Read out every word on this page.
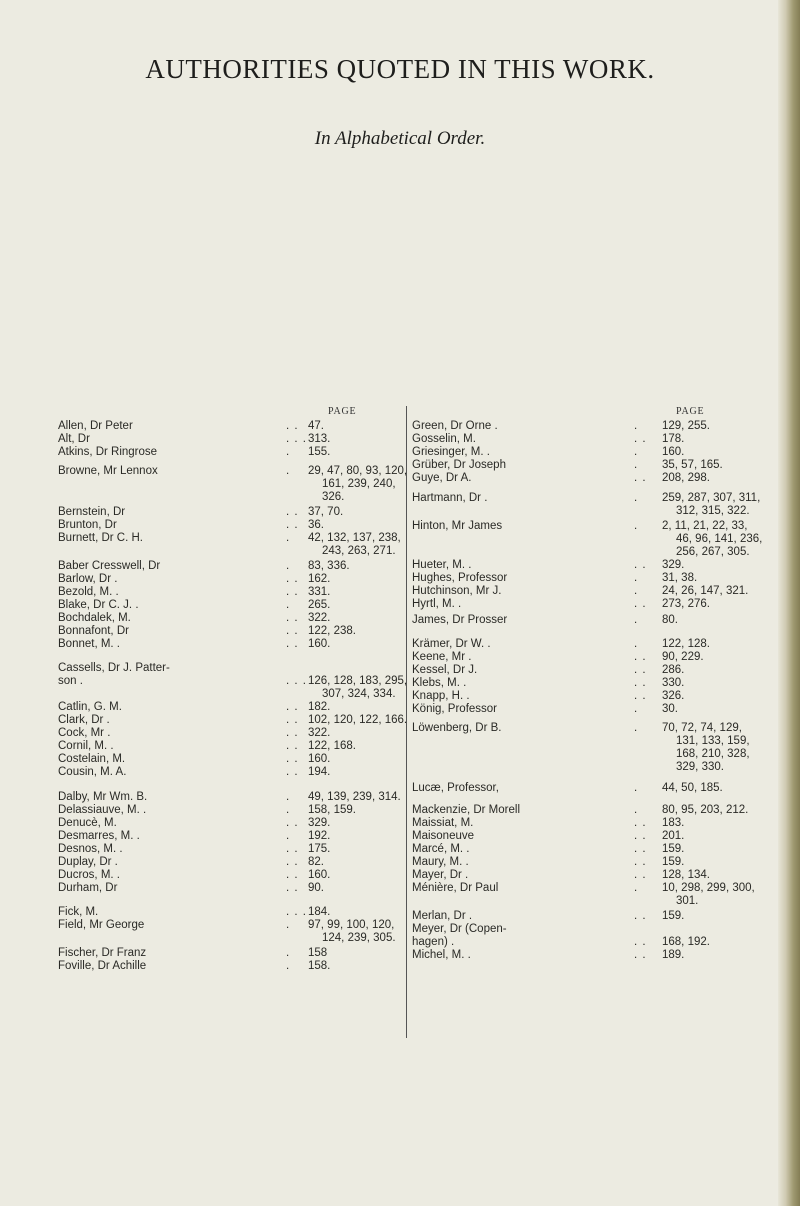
AUTHORITIES QUOTED IN THIS WORK.
In Alphabetical Order.
PAGE	PAGE
Allen, Dr Peter	. . 47.
Alt, Dr	. . . 313.
Atkins, Dr Ringrose	. 155.
Browne, Mr Lennox	. 29, 47, 80, 93, 120,
161, 239, 240,
326.
Bernstein, Dr	. . 37, 70.
Brunton, Dr	. . 36.
Burnett, Dr C. H.	. 42, 132, 137, 238,
243, 263, 271.
Baber Cresswell, Dr	. 83, 336.
Barlow, Dr .	. . 162.
Bezold, M. .	. . 331.
Blake, Dr C. J. .	. 265.
Bochdalek, M.	. . 322.
Bonnafont, Dr	. . 122, 238.
Bonnet, M. .	. . 160.
Cassells, Dr J. Patter-
son .	. . . 126, 128, 183, 295,
307, 324, 334.
Catlin, G. M.	. . 182.
Clark, Dr .	. . 102, 120, 122, 166.
Cock, Mr .	. . 322.
Cornil, M. .	. . 122, 168.
Costelain, M.	. . 160.
Cousin, M. A.	. . 194.
Dalby, Mr Wm. B.	. 49, 139, 239, 314.
Delassiauve, M. .	. 158, 159.
Denucè, M.	. . 329.
Desmarres, M. .	. 192.
Desnos, M. .	. . 175.
Duplay, Dr .	. . 82.
Ducros, M. .	. . 160.
Durham, Dr	. . 90.
Fick, M.	. . . 184.
Field, Mr George	. 97, 99, 100, 120,
124, 239, 305.
Fischer, Dr Franz	. 158
Foville, Dr Achille	. 158.
Green, Dr Orne .	. 129, 255.
Gosselin, M.	. . 178.
Griesinger, M. .	. 160.
Grüber, Dr Joseph	. 35, 57, 165.
Guye, Dr A.	. . 208, 298.
Hartmann, Dr .	. 259, 287, 307, 311,
312, 315, 322.
Hinton, Mr James	. 2, 11, 21, 22, 33,
46, 96, 141, 236,
256, 267, 305.
Hueter, M. .	. . 329.
Hughes, Professor	. 31, 38.
Hutchinson, Mr J.	. 24, 26, 147, 321.
Hyrtl, M. .	. . 273, 276.
James, Dr Prosser	. 80.
Krämer, Dr W. .	. 122, 128.
Keene, Mr .	. . 90, 229.
Kessel, Dr J.	. . 286.
Klebs, M. .	. . 330.
Knapp, H. .	. . 326.
König, Professor	. 30.
Löwenberg, Dr B.	. 70, 72, 74, 129,
131, 133, 159,
168, 210, 328,
329, 330.
Lucæ, Professor,	. 44, 50, 185.
Mackenzie, Dr Morell	. 80, 95, 203, 212.
Maissiat, M.	. . 183.
Maisoneuve	. . 201.
Marcé, M. .	. . 159.
Maury, M. .	. . 159.
Mayer, Dr .	. . 128, 134.
Ménière, Dr Paul	. 10, 298, 299, 300,
301.
Merlan, Dr .	. . 159.
Meyer, Dr (Copen-
hagen) .	. . 168, 192.
Michel, M. .	. . 189.
